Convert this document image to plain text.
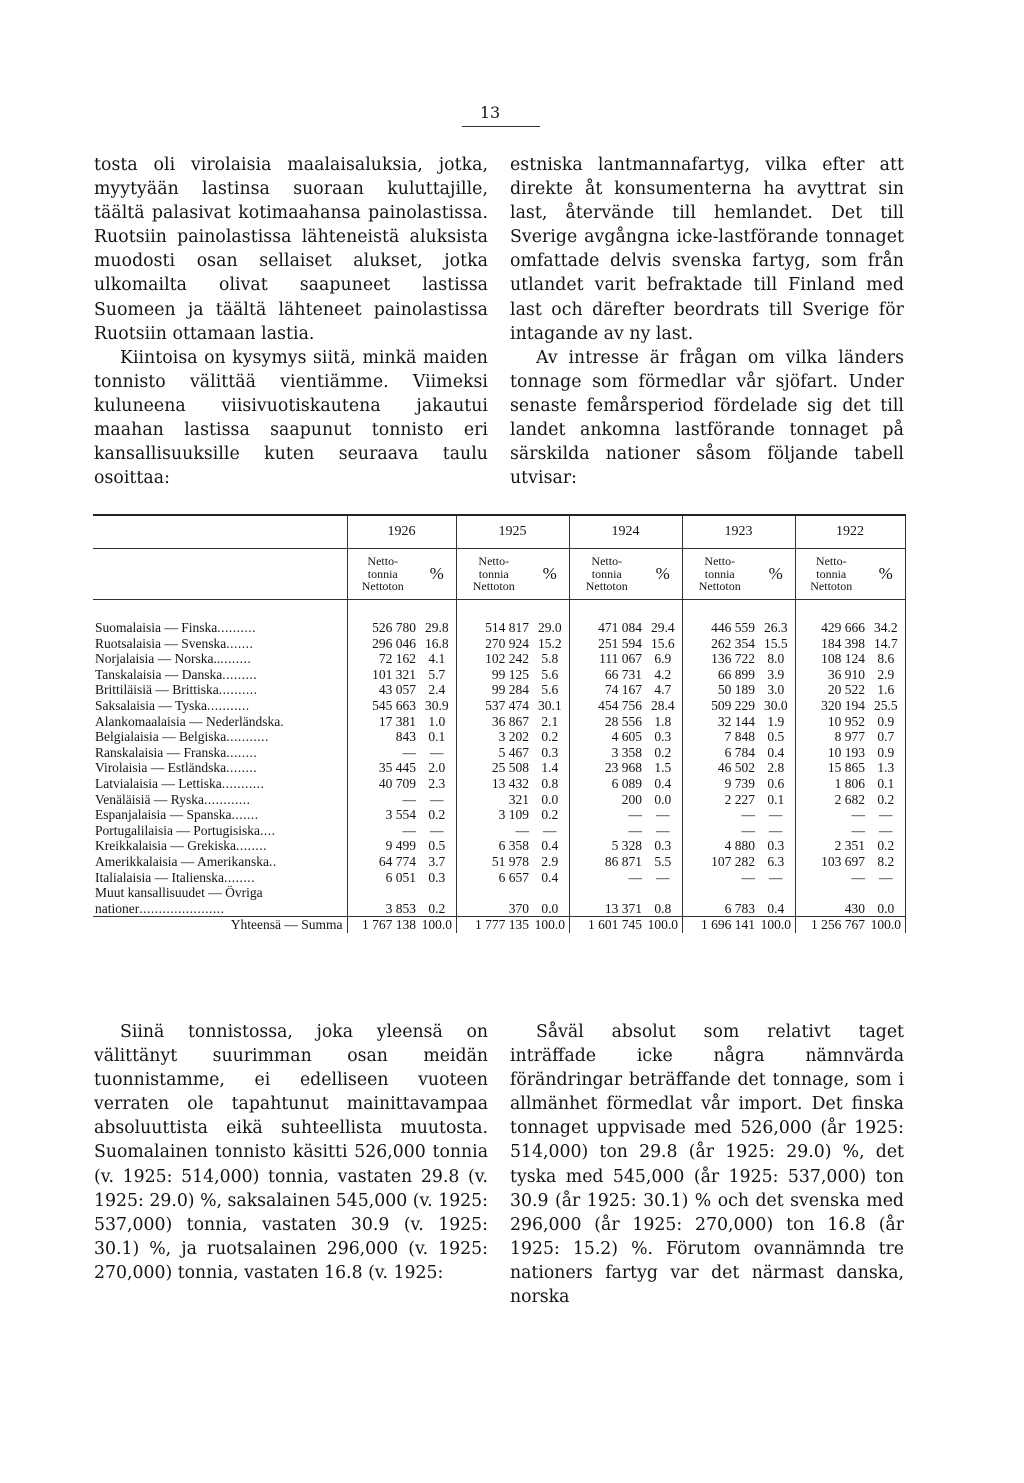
13

tosta oli virolaisia maalaisaluksia, jotka, myytyään lastinsa suoraan kuluttajille, täältä palasivat kotimaahansa painolastissa. Ruotsiin painolastissa lähteneistä aluksista muodosti osan sellaiset alukset, jotka ulkomailta olivat saapuneet lastissa Suomeen ja täältä lähteneet painolastissa Ruotsiin ottamaan lastia.

Kiintoisa on kysymys siitä, minkä maiden tonnisto välittää vientiämme. Viimeksi kuluneena viisivuotiskautena jakautui maahan lastissa saapunut tonnisto eri kansallisuuksille kuten seuraava taulu osoittaa:

estniska lantmannafartyg, vilka efter att direkte åt konsumenterna ha avyttrat sin last, återvände till hemlandet. Det till Sverige avgångna icke-lastförande tonnaget omfattade delvis svenska fartyg, som från utlandet varit befraktade till Finland med last och därefter beordrats till Sverige för intagande av ny last.

Av intresse är frågan om vilka länders tonnage som förmedlar vår sjöfart. Under senaste femårsperiod fördelade sig det till landet ankomna lastförande tonnaget på särskilda nationer såsom följande tabell utvisar:

	1926		1925		1924		1923		1922	
	Netto-
tonnia
Nettoton	%	Netto-
tonnia
Nettoton	%	Netto-
tonnia
Nettoton	%	Netto-
tonnia
Nettoton	%	Netto-
tonnia
Nettoton	%

Suomalaisia — Finska..........	526 780	29.8	514 817	29.0	471 084	29.4	446 559	26.3	429 666	34.2
Ruotsalaisia — Svenska.......	296 046	16.8	270 924	15.2	251 594	15.6	262 354	15.5	184 398	14.7
Norjalaisia — Norska..........	72 162	4.1	102 242	5.8	111 067	6.9	136 722	8.0	108 124	8.6
Tanskalaisia — Danska.........	101 321	5.7	99 125	5.6	66 731	4.2	66 899	3.9	36 910	2.9
Brittiläisiä — Brittiska..........	43 057	2.4	99 284	5.6	74 167	4.7	50 189	3.0	20 522	1.6
Saksalaisia — Tyska...........	545 663	30.9	537 474	30.1	454 756	28.4	509 229	30.0	320 194	25.5
Alankomaalaisia — Nederländska.	17 381	1.0	36 867	2.1	28 556	1.8	32 144	1.9	10 952	0.9
Belgialaisia — Belgiska...........	843	0.1	3 202	0.2	4 605	0.3	7 848	0.5	8 977	0.7
Ranskalaisia — Franska........	—	—	5 467	0.3	3 358	0.2	6 784	0.4	10 193	0.9
Virolaisia — Estländska........	35 445	2.0	25 508	1.4	23 968	1.5	46 502	2.8	15 865	1.3
Latvialaisia — Lettiska...........	40 709	2.3	13 432	0.8	6 089	0.4	9 739	0.6	1 806	0.1
Venäläisiä — Ryska............	—	—	321	0.0	200	0.0	2 227	0.1	2 682	0.2
Espanjalaisia — Spanska.......	3 554	0.2	3 109	0.2	—	—	—	—	—	—
Portugalilaisia — Portugisiska....	—	—	—	—	—	—	—	—	—	—
Kreikkalaisia — Grekiska........	9 499	0.5	6 358	0.4	5 328	0.3	4 880	0.3	2 351	0.2
Amerikkalaisia — Amerikanska..	64 774	3.7	51 978	2.9	86 871	5.5	107 282	6.3	103 697	8.2
Italialaisia — Italienska........	6 051	0.3	6 657	0.4	—	—	—	—	—	—
Muut kansallisuudet — Övriga										
nationer......................	3 853	0.2	370	0.0	13 371	0.8	6 783	0.4	430	0.0
Yhteensä — Summa	1 767 138	100.0	1 777 135	100.0	1 601 745	100.0	1 696 141	100.0	1 256 767	100.0

Siinä tonnistossa, joka yleensä on välittänyt suurimman osan meidän tuonnistamme, ei edelliseen vuoteen verraten ole tapahtunut mainittavampaa absoluuttista eikä suhteellista muutosta. Suomalainen tonnisto käsitti 526,000 tonnia (v. 1925: 514,000) tonnia, vastaten 29.8 (v. 1925: 29.0) %, saksalainen 545,000 (v. 1925: 537,000) tonnia, vastaten 30.9 (v. 1925: 30.1) %, ja ruotsalainen 296,000 (v. 1925: 270,000) tonnia, vastaten 16.8 (v. 1925:

Såväl absolut som relativt taget inträffade icke några nämnvärda förändringar beträffande det tonnage, som i allmänhet förmedlat vår import. Det finska tonnaget uppvisade med 526,000 (år 1925: 514,000) ton 29.8 (år 1925: 29.0) %, det tyska med 545,000 (år 1925: 537,000) ton 30.9 (år 1925: 30.1) % och det svenska med 296,000 (år 1925: 270,000) ton 16.8 (år 1925: 15.2) %. Förutom ovannämnda tre nationers fartyg var det närmast danska, norska
